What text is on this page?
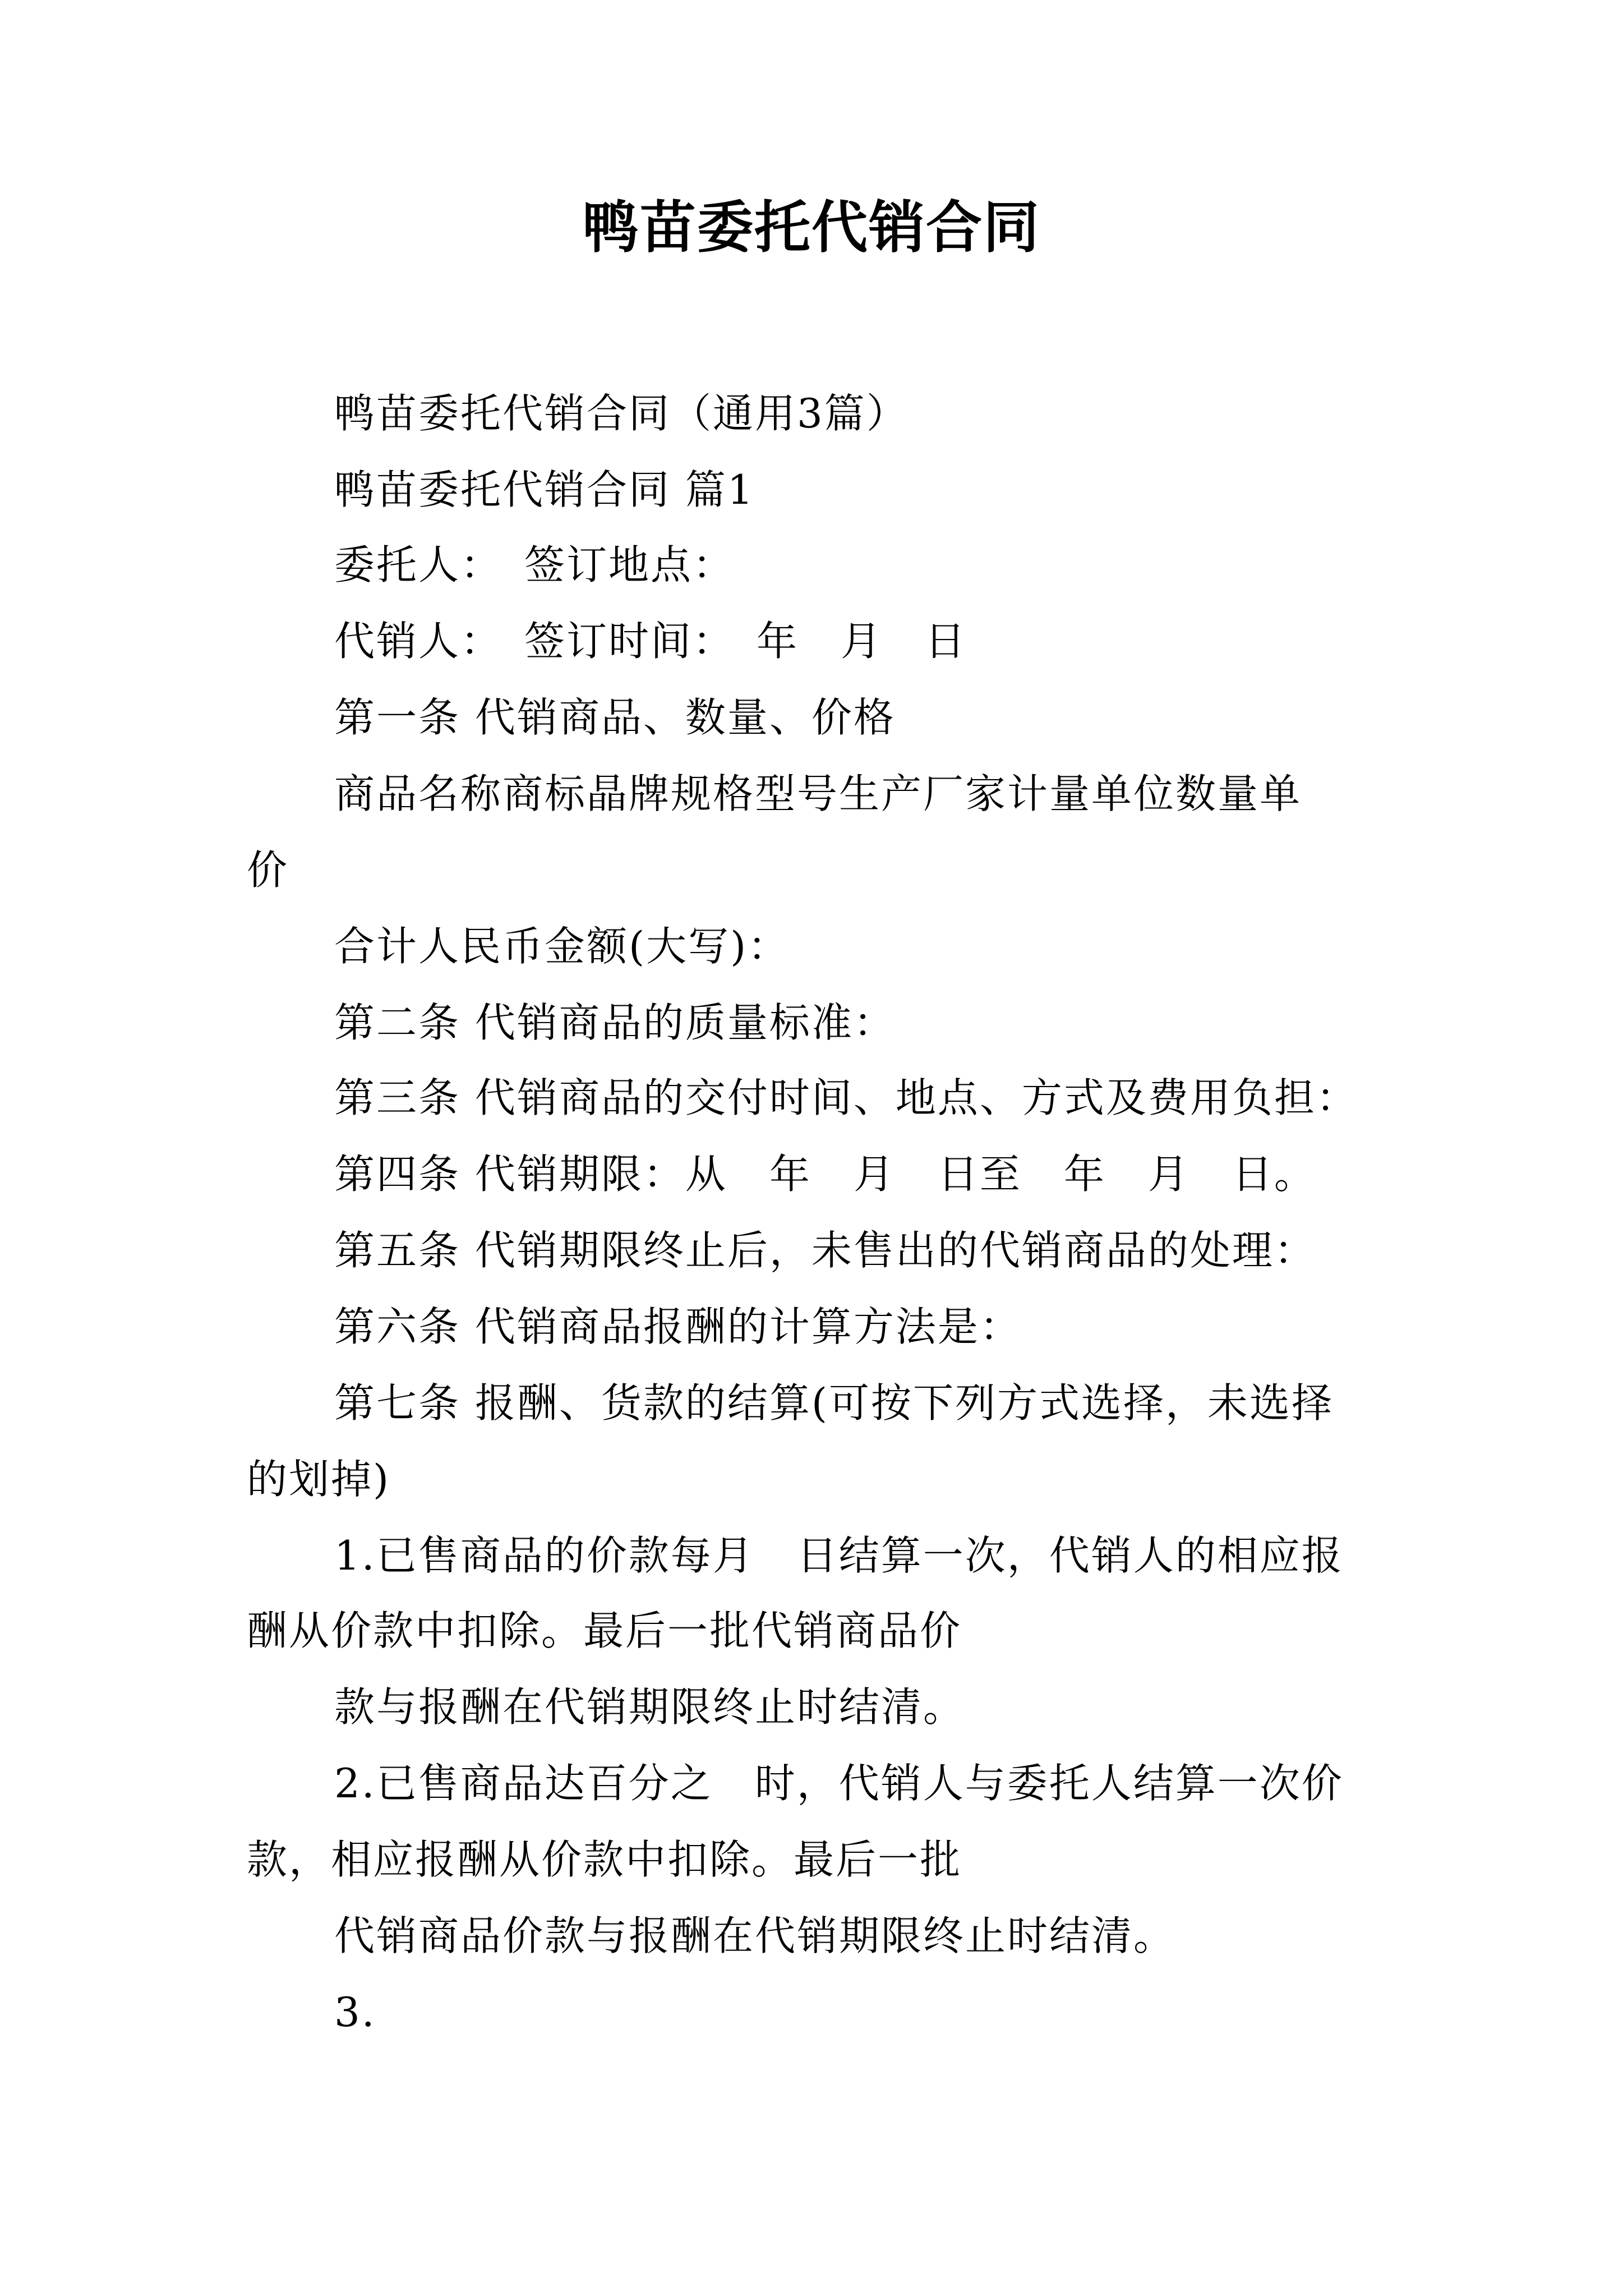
鸭苗委托代销合同
鸭苗委托代销合同（通用3篇）
鸭苗委托代销合同 篇1
委托人：　签订地点：
代销人：　签订时间：　年　月　日
第一条 代销商品、数量、价格
商品名称商标晶牌规格型号生产厂家计量单位数量单
价
合计人民币金额(大写)：
第二条 代销商品的质量标准：
第三条 代销商品的交付时间、地点、方式及费用负担：
第四条 代销期限：从　年　月　日至　年　月　日。
第五条 代销期限终止后，未售出的代销商品的处理：
第六条 代销商品报酬的计算方法是：
第七条 报酬、货款的结算(可按下列方式选择，未选择
的划掉)
1.已售商品的价款每月　日结算一次，代销人的相应报
酬从价款中扣除。最后一批代销商品价
款与报酬在代销期限终止时结清。
2.已售商品达百分之　时，代销人与委托人结算一次价
款，相应报酬从价款中扣除。最后一批
代销商品价款与报酬在代销期限终止时结清。
3.
